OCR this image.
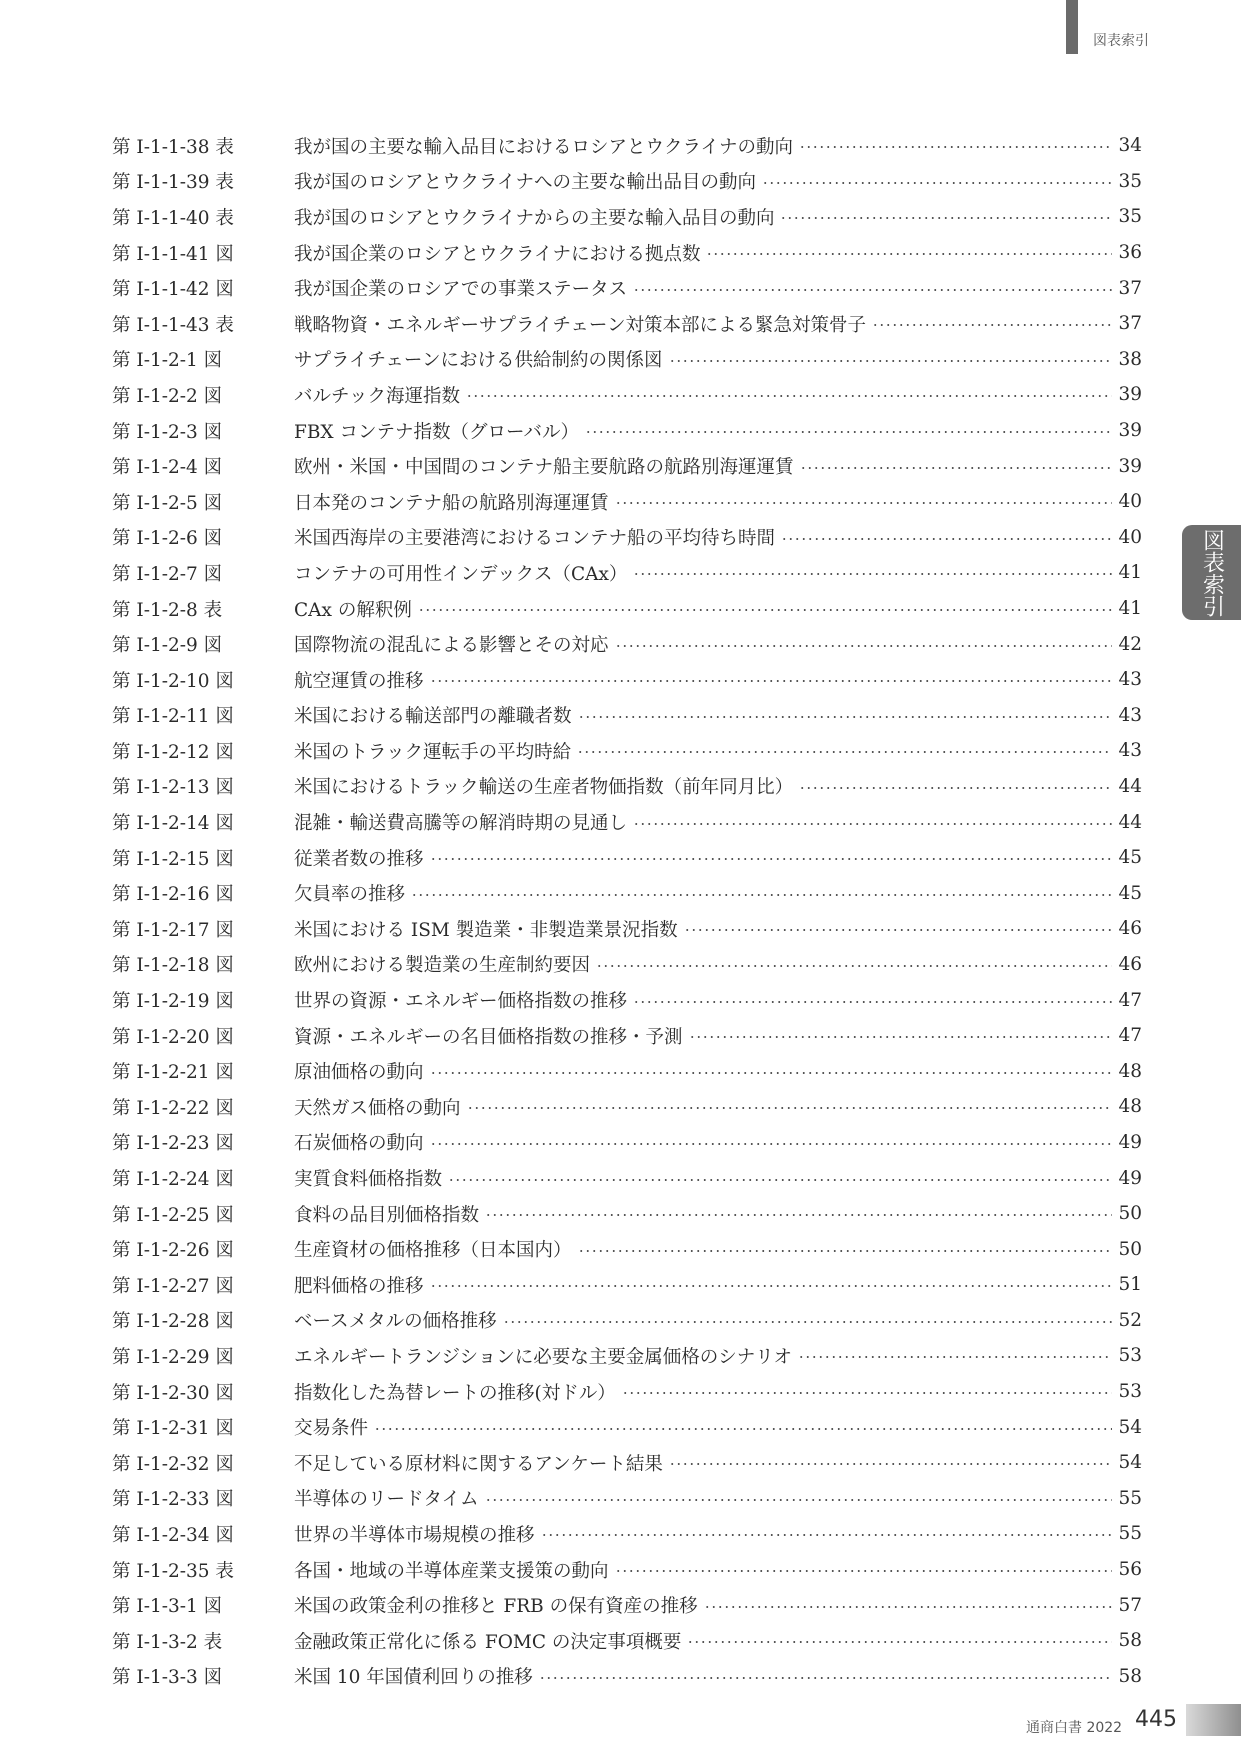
図表索引
図表索引
第 I-1-1-38 表	我が国の主要な輸入品目におけるロシアとウクライナの動向	34
第 I-1-1-39 表	我が国のロシアとウクライナへの主要な輸出品目の動向	35
第 I-1-1-40 表	我が国のロシアとウクライナからの主要な輸入品目の動向	35
第 I-1-1-41 図	我が国企業のロシアとウクライナにおける拠点数	36
第 I-1-1-42 図	我が国企業のロシアでの事業ステータス	37
第 I-1-1-43 表	戦略物資・エネルギーサプライチェーン対策本部による緊急対策骨子	37
第 I-1-2-1 図	サプライチェーンにおける供給制約の関係図	38
第 I-1-2-2 図	バルチック海運指数	39
第 I-1-2-3 図	FBX コンテナ指数（グローバル）	39
第 I-1-2-4 図	欧州・米国・中国間のコンテナ船主要航路の航路別海運運賃	39
第 I-1-2-5 図	日本発のコンテナ船の航路別海運運賃	40
第 I-1-2-6 図	米国西海岸の主要港湾におけるコンテナ船の平均待ち時間	40
第 I-1-2-7 図	コンテナの可用性インデックス（CAx）	41
第 I-1-2-8 表	CAx の解釈例	41
第 I-1-2-9 図	国際物流の混乱による影響とその対応	42
第 I-1-2-10 図	航空運賃の推移	43
第 I-1-2-11 図	米国における輸送部門の離職者数	43
第 I-1-2-12 図	米国のトラック運転手の平均時給	43
第 I-1-2-13 図	米国におけるトラック輸送の生産者物価指数（前年同月比）	44
第 I-1-2-14 図	混雑・輸送費高騰等の解消時期の見通し	44
第 I-1-2-15 図	従業者数の推移	45
第 I-1-2-16 図	欠員率の推移	45
第 I-1-2-17 図	米国における ISM 製造業・非製造業景況指数	46
第 I-1-2-18 図	欧州における製造業の生産制約要因	46
第 I-1-2-19 図	世界の資源・エネルギー価格指数の推移	47
第 I-1-2-20 図	資源・エネルギーの名目価格指数の推移・予測	47
第 I-1-2-21 図	原油価格の動向	48
第 I-1-2-22 図	天然ガス価格の動向	48
第 I-1-2-23 図	石炭価格の動向	49
第 I-1-2-24 図	実質食料価格指数	49
第 I-1-2-25 図	食料の品目別価格指数	50
第 I-1-2-26 図	生産資材の価格推移（日本国内）	50
第 I-1-2-27 図	肥料価格の推移	51
第 I-1-2-28 図	ベースメタルの価格推移	52
第 I-1-2-29 図	エネルギートランジションに必要な主要金属価格のシナリオ	53
第 I-1-2-30 図	指数化した為替レートの推移(対ドル）	53
第 I-1-2-31 図	交易条件	54
第 I-1-2-32 図	不足している原材料に関するアンケート結果	54
第 I-1-2-33 図	半導体のリードタイム	55
第 I-1-2-34 図	世界の半導体市場規模の推移	55
第 I-1-2-35 表	各国・地域の半導体産業支援策の動向	56
第 I-1-3-1 図	米国の政策金利の推移と FRB の保有資産の推移	57
第 I-1-3-2 表	金融政策正常化に係る FOMC の決定事項概要	58
第 I-1-3-3 図	米国 10 年国債利回りの推移	58
通商白書 2022 445
